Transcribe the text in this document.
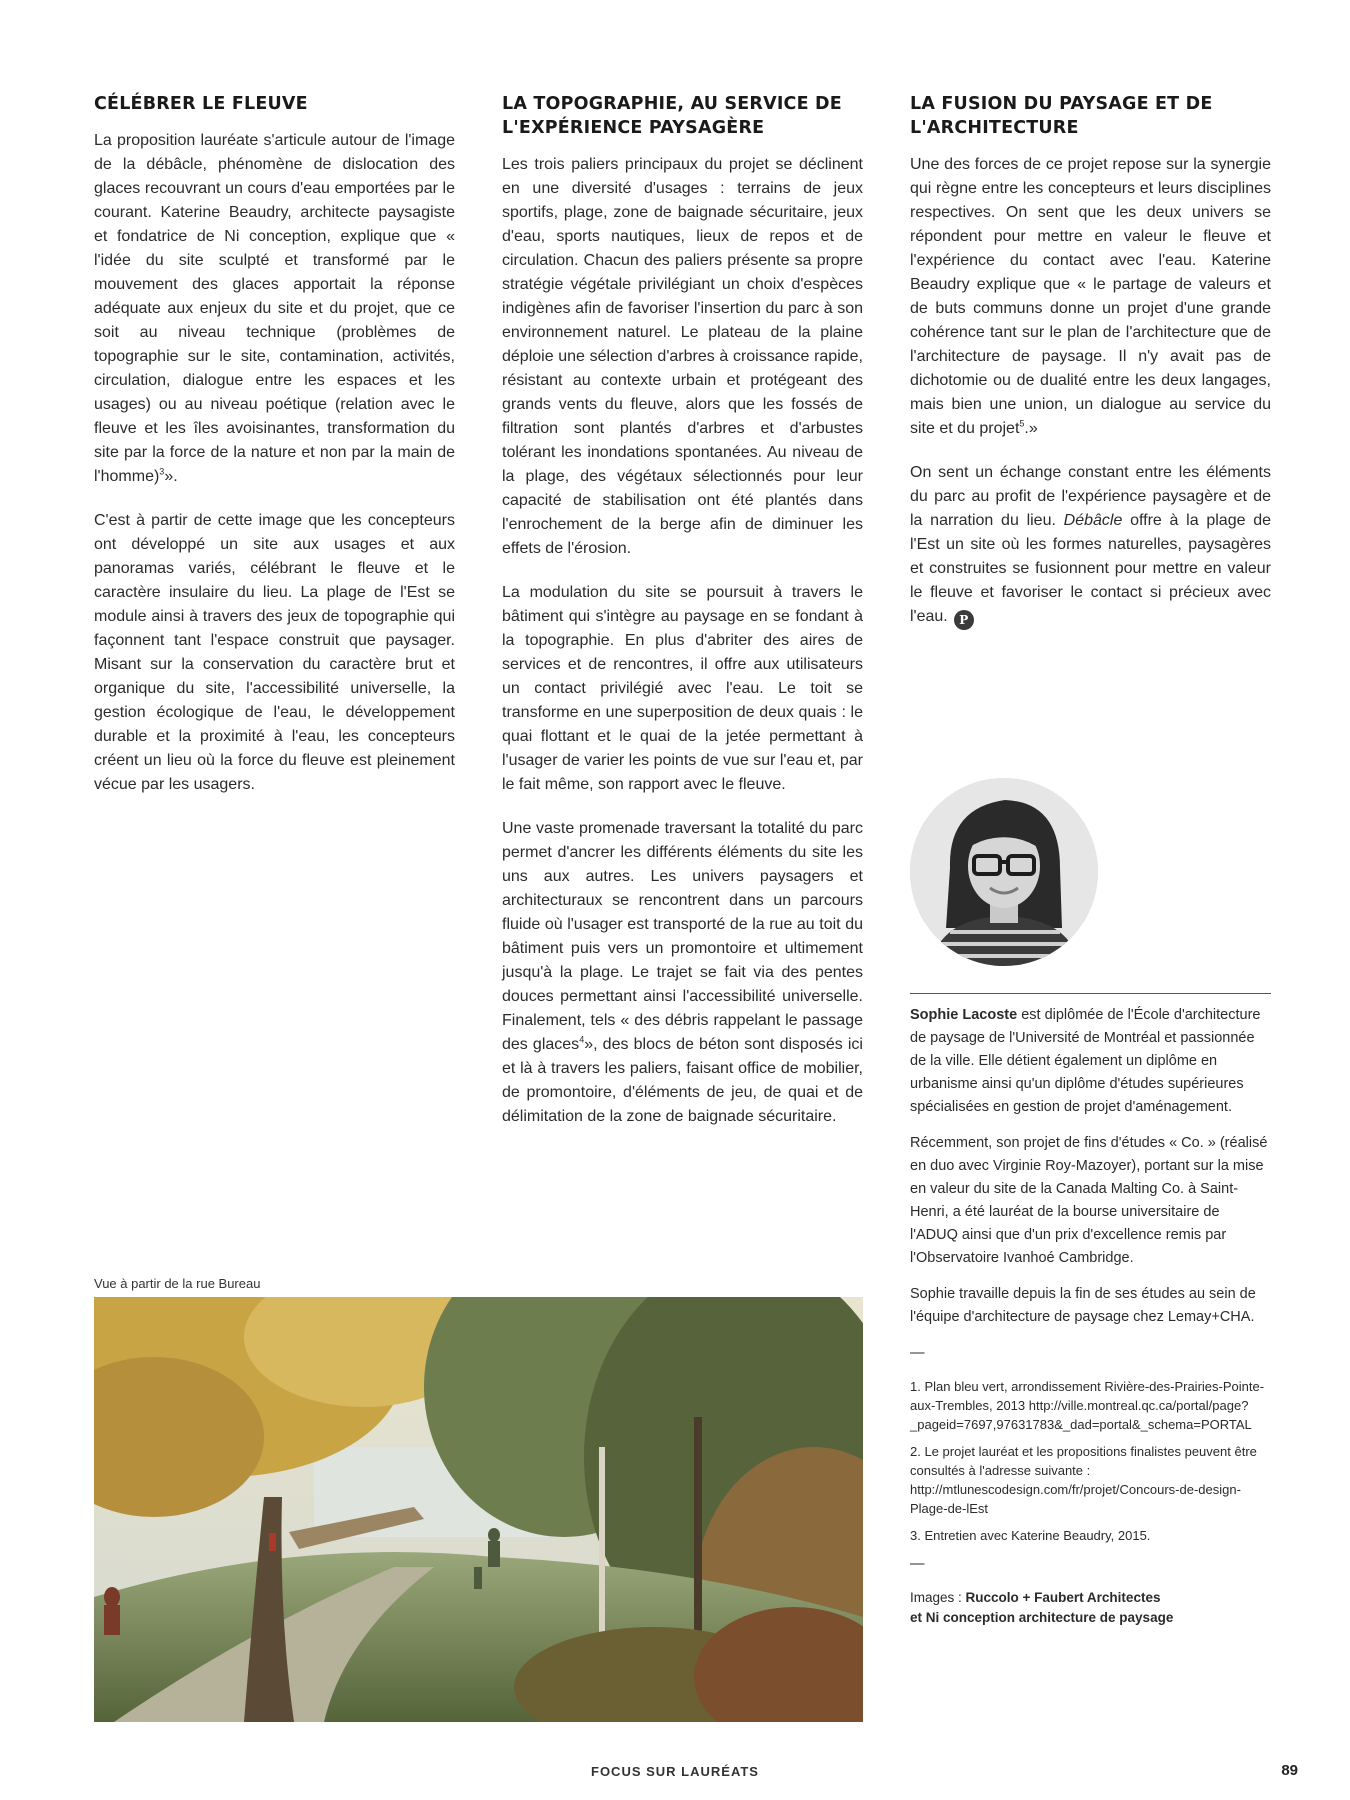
CÉLÉBRER LE FLEUVE

La proposition lauréate s'articule autour de l'image de la débâcle, phénomène de dislocation des glaces recouvrant un cours d'eau emportées par le courant. Katerine Beaudry, architecte paysagiste et fondatrice de Ni conception, explique que « l'idée du site sculpté et transformé par le mouvement des glaces apportait la réponse adéquate aux enjeux du site et du projet, que ce soit au niveau technique (problèmes de topographie sur le site, contamination, activités, circulation, dialogue entre les espaces et les usages) ou au niveau poétique (relation avec le fleuve et les îles avoisinantes, transformation du site par la force de la nature et non par la main de l'homme)$^3$».

C'est à partir de cette image que les concepteurs ont développé un site aux usages et aux panoramas variés, célébrant le fleuve et le caractère insulaire du lieu. La plage de l'Est se module ainsi à travers des jeux de topographie qui façonnent tant l'espace construit que paysager. Misant sur la conservation du caractère brut et organique du site, l'accessibilité universelle, la gestion écologique de l'eau, le développement durable et la proximité à l'eau, les concepteurs créent un lieu où la force du fleuve est pleinement vécue par les usagers.

LA TOPOGRAPHIE, AU SERVICE DE L'EXPÉRIENCE PAYSAGÈRE

Les trois paliers principaux du projet se déclinent en une diversité d'usages : terrains de jeux sportifs, plage, zone de baignade sécuritaire, jeux d'eau, sports nautiques, lieux de repos et de circulation. Chacun des paliers présente sa propre stratégie végétale privilégiant un choix d'espèces indigènes afin de favoriser l'insertion du parc à son environnement naturel. Le plateau de la plaine déploie une sélection d'arbres à croissance rapide, résistant au contexte urbain et protégeant des grands vents du fleuve, alors que les fossés de filtration sont plantés d'arbres et d'arbustes tolérant les inondations spontanées. Au niveau de la plage, des végétaux sélectionnés pour leur capacité de stabilisation ont été plantés dans l'enrochement de la berge afin de diminuer les effets de l'érosion.

La modulation du site se poursuit à travers le bâtiment qui s'intègre au paysage en se fondant à la topographie. En plus d'abriter des aires de services et de rencontres, il offre aux utilisateurs un contact privilégié avec l'eau. Le toit se transforme en une superposition de deux quais : le quai flottant et le quai de la jetée permettant à l'usager de varier les points de vue sur l'eau et, par le fait même, son rapport avec le fleuve.

Une vaste promenade traversant la totalité du parc permet d'ancrer les différents éléments du site les uns aux autres. Les univers paysagers et architecturaux se rencontrent dans un parcours fluide où l'usager est transporté de la rue au toit du bâtiment puis vers un promontoire et ultimement jusqu'à la plage. Le trajet se fait via des pentes douces permettant ainsi l'accessibilité universelle. Finalement, tels « des débris rappelant le passage des glaces$^4$», des blocs de béton sont disposés ici et là à travers les paliers, faisant office de mobilier, de promontoire, d'éléments de jeu, de quai et de délimitation de la zone de baignade sécuritaire.

LA FUSION DU PAYSAGE ET DE L'ARCHITECTURE

Une des forces de ce projet repose sur la synergie qui règne entre les concepteurs et leurs disciplines respectives. On sent que les deux univers se répondent pour mettre en valeur le fleuve et l'expérience du contact avec l'eau. Katerine Beaudry explique que « le partage de valeurs et de buts communs donne un projet d'une grande cohérence tant sur le plan de l'architecture que de l'architecture de paysage. Il n'y avait pas de dichotomie ou de dualité entre les deux langages, mais bien une union, un dialogue au service du site et du projet$^5$.»

On sent un échange constant entre les éléments du parc au profit de l'expérience paysagère et de la narration du lieu. Débâcle offre à la plage de l'Est un site où les formes naturelles, paysagères et construites se fusionnent pour mettre en valeur le fleuve et favoriser le contact si précieux avec l'eau. P

Sophie Lacoste est diplômée de l'École d'architecture de paysage de l'Université de Montréal et passionnée de la ville. Elle détient également un diplôme en urbanisme ainsi qu'un diplôme d'études supérieures spécialisées en gestion de projet d'aménagement.

Récemment, son projet de fins d'études « Co. » (réalisé en duo avec Virginie Roy-Mazoyer), portant sur la mise en valeur du site de la Canada Malting Co. à Saint-Henri, a été lauréat de la bourse universitaire de l'ADUQ ainsi que d'un prix d'excellence remis par l'Observatoire Ivanhoé Cambridge.

Sophie travaille depuis la fin de ses études au sein de l'équipe d'architecture de paysage chez Lemay+CHA.

—

1. Plan bleu vert, arrondissement Rivière-des-Prairies-Pointe-aux-Trembles, 2013 http://ville.montreal.qc.ca/portal/page?_pageid=7697,97631783&_dad=portal&_schema=PORTAL

2. Le projet lauréat et les propositions finalistes peuvent être consultés à l'adresse suivante : http://mtlunescodesign.com/fr/projet/Concours-de-design-Plage-de-lEst

3. Entretien avec Katerine Beaudry, 2015.

—

Images : Ruccolo + Faubert Architectes
et Ni conception architecture de paysage
Vue à partir de la rue Bureau
FOCUS SUR LAURÉATS	89
